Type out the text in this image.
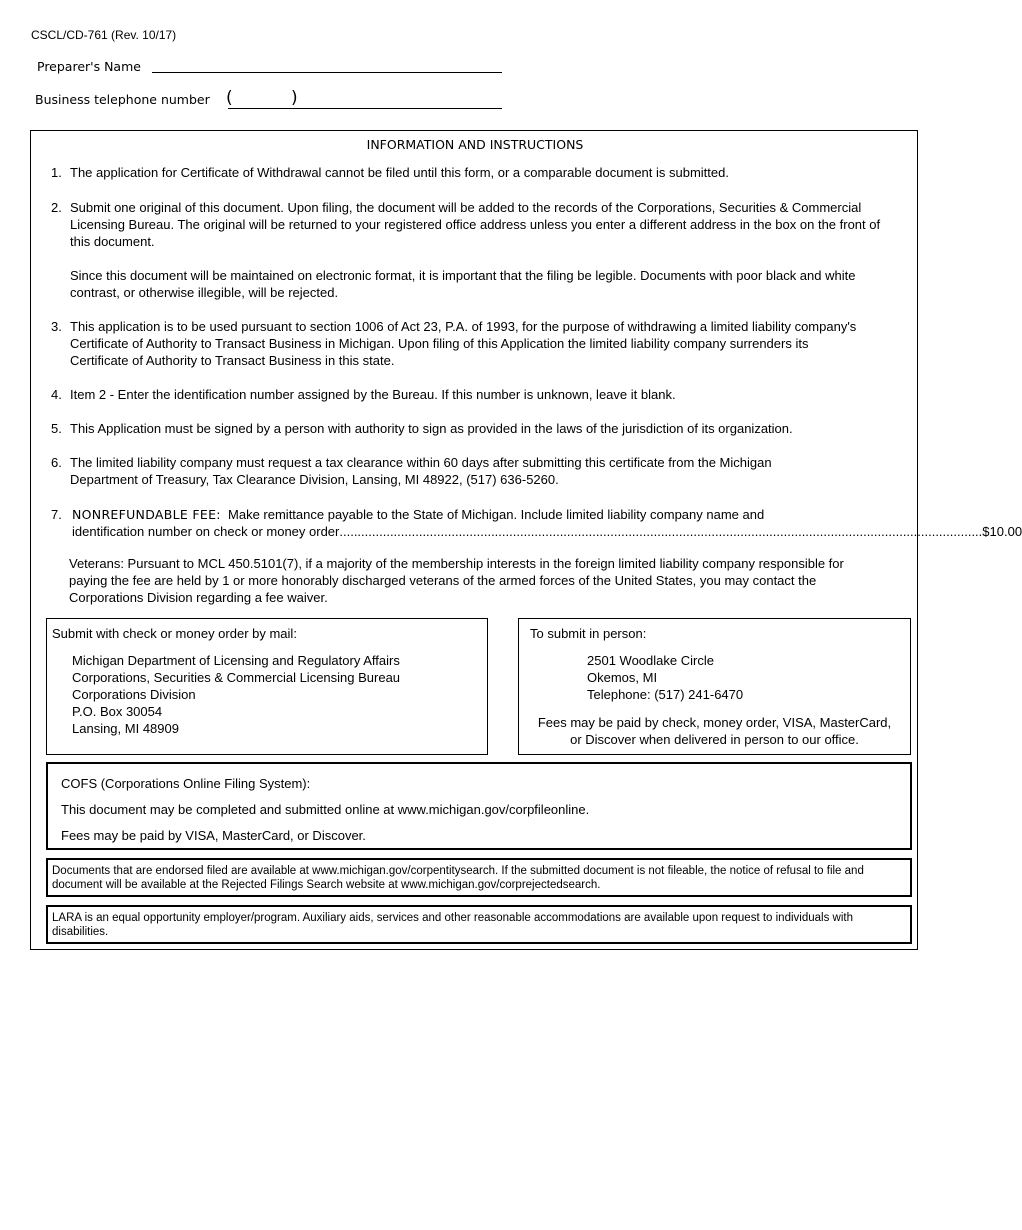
CSCL/CD-761 (Rev. 10/17)
Preparer's Name
Business telephone number (	)
INFORMATION AND INSTRUCTIONS
1. The application for Certificate of Withdrawal cannot be filed until this form, or a comparable document is submitted.
2. Submit one original of this document. Upon filing, the document will be added to the records of the Corporations, Securities & Commercial Licensing Bureau. The original will be returned to your registered office address unless you enter a different address in the box on the front of this document.
Since this document will be maintained on electronic format, it is important that the filing be legible. Documents with poor black and white contrast, or otherwise illegible, will be rejected.
3. This application is to be used pursuant to section 1006 of Act 23, P.A. of 1993, for the purpose of withdrawing a limited liability company's Certificate of Authority to Transact Business in Michigan. Upon filing of this Application the limited liability company surrenders its Certificate of Authority to Transact Business in this state.
4. Item 2 - Enter the identification number assigned by the Bureau. If this number is unknown, leave it blank.
5. This Application must be signed by a person with authority to sign as provided in the laws of the jurisdiction of its organization.
6. The limited liability company must request a tax clearance within 60 days after submitting this certificate from the Michigan Department of Treasury, Tax Clearance Division, Lansing, MI 48922, (517) 636-5260.
7. NONREFUNDABLE FEE: Make remittance payable to the State of Michigan. Include limited liability company name and
identification number on check or money order .................................................................................................................................................................................. $10.00
Veterans: Pursuant to MCL 450.5101(7), if a majority of the membership interests in the foreign limited liability company responsible for paying the fee are held by 1 or more honorably discharged veterans of the armed forces of the United States, you may contact the Corporations Division regarding a fee waiver.
Submit with check or money order by mail:
Michigan Department of Licensing and Regulatory Affairs
Corporations, Securities & Commercial Licensing Bureau
Corporations Division
P.O. Box 30054
Lansing, MI 48909
To submit in person:
2501 Woodlake Circle
Okemos, MI
Telephone: (517) 241-6470
Fees may be paid by check, money order, VISA, MasterCard,
or Discover when delivered in person to our office.
COFS (Corporations Online Filing System):
This document may be completed and submitted online at www.michigan.gov/corpfileonline.
Fees may be paid by VISA, MasterCard, or Discover.
Documents that are endorsed filed are available at www.michigan.gov/corpentitysearch. If the submitted document is not fileable, the notice of refusal to file and document will be available at the Rejected Filings Search website at www.michigan.gov/corprejectedsearch.
LARA is an equal opportunity employer/program. Auxiliary aids, services and other reasonable accommodations are available upon request to individuals with disabilities.
